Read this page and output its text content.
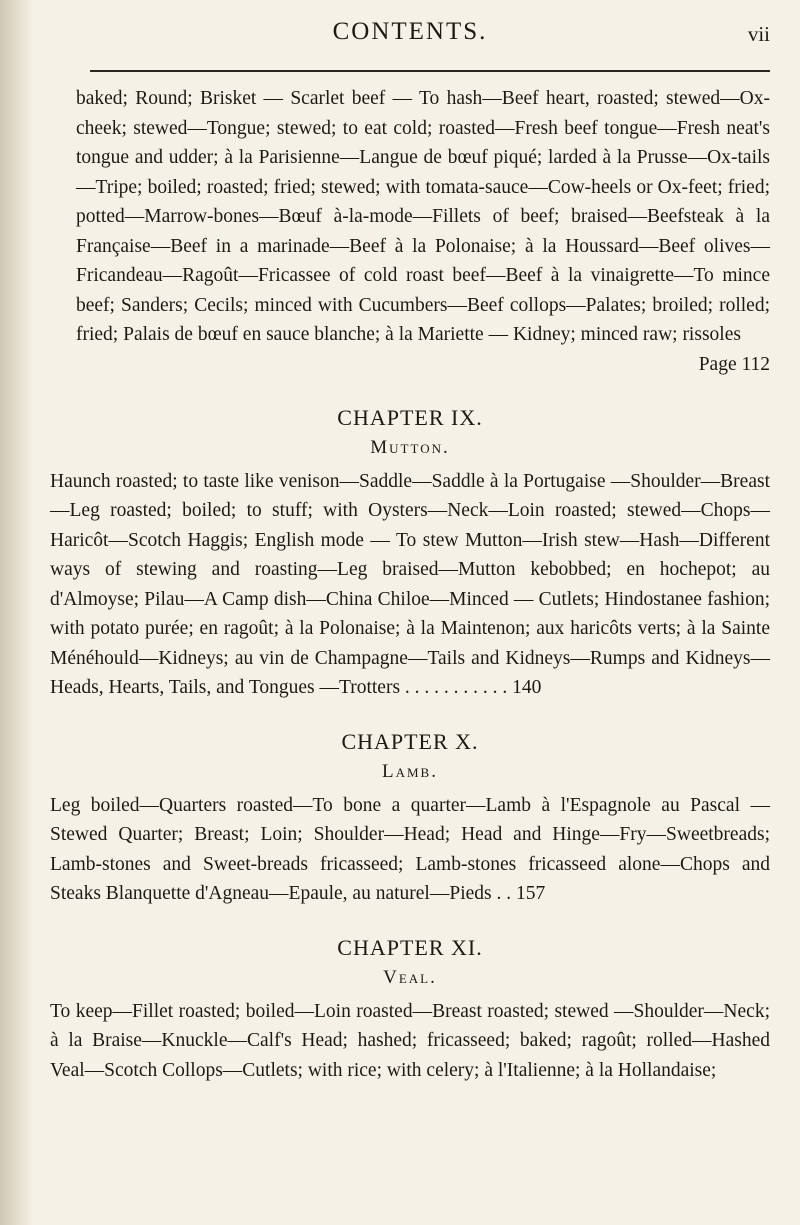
CONTENTS.	vii

baked; Round; Brisket — Scarlet beef — To hash—Beef heart, roasted; stewed—Ox-cheek; stewed—Tongue; stewed; to eat cold; roasted—Fresh beef tongue—Fresh neat's tongue and udder; à la Parisienne—Langue de bœuf piqué; larded à la Prusse—Ox-tails—Tripe; boiled; roasted; fried; stewed; with tomata-sauce—Cow-heels or Ox-feet; fried; potted—Marrow-bones—Bœuf à-la-mode—Fillets of beef; braised—Beefsteak à la Française—Beef in a marinade—Beef à la Polonaise; à la Houssard—Beef olives—Fricandeau—Ragoût—Fricassee of cold roast beef—Beef à la vinaigrette—To mince beef; Sanders; Cecils; minced with Cucumbers—Beef collops—Palates; broiled; rolled; fried; Palais de bœuf en sauce blanche; à la Mariette — Kidney; minced raw; rissoles

Page 112

CHAPTER IX.
Mutton.

Haunch roasted; to taste like venison—Saddle—Saddle à la Portugaise —Shoulder—Breast—Leg roasted; boiled; to stuff; with Oysters—Neck—Loin roasted; stewed—Chops—Haricôt—Scotch Haggis; English mode — To stew Mutton—Irish stew—Hash—Different ways of stewing and roasting—Leg braised—Mutton kebobbed; en hochepot; au d'Almoyse; Pilau—A Camp dish—China Chiloe—Minced — Cutlets; Hindostanee fashion; with potato purée; en ragoût; à la Polonaise; à la Maintenon; aux haricôts verts; à la Sainte Ménéhould—Kidneys; au vin de Champagne—Tails and Kidneys—Rumps and Kidneys—Heads, Hearts, Tails, and Tongues —Trotters . . . . . . . . . . . 140

CHAPTER X.
Lamb.

Leg boiled—Quarters roasted—To bone a quarter—Lamb à l'Espagnole au Pascal — Stewed Quarter; Breast; Loin; Shoulder—Head; Head and Hinge—Fry—Sweetbreads; Lamb-stones and Sweet-breads fricasseed; Lamb-stones fricasseed alone—Chops and Steaks Blanquette d'Agneau—Epaule, au naturel—Pieds . . 157

CHAPTER XI.
Veal.

To keep—Fillet roasted; boiled—Loin roasted—Breast roasted; stewed —Shoulder—Neck; à la Braise—Knuckle—Calf's Head; hashed; fricasseed; baked; ragoût; rolled—Hashed Veal—Scotch Collops—Cutlets; with rice; with celery; à l'Italienne; à la Hollandaise;
